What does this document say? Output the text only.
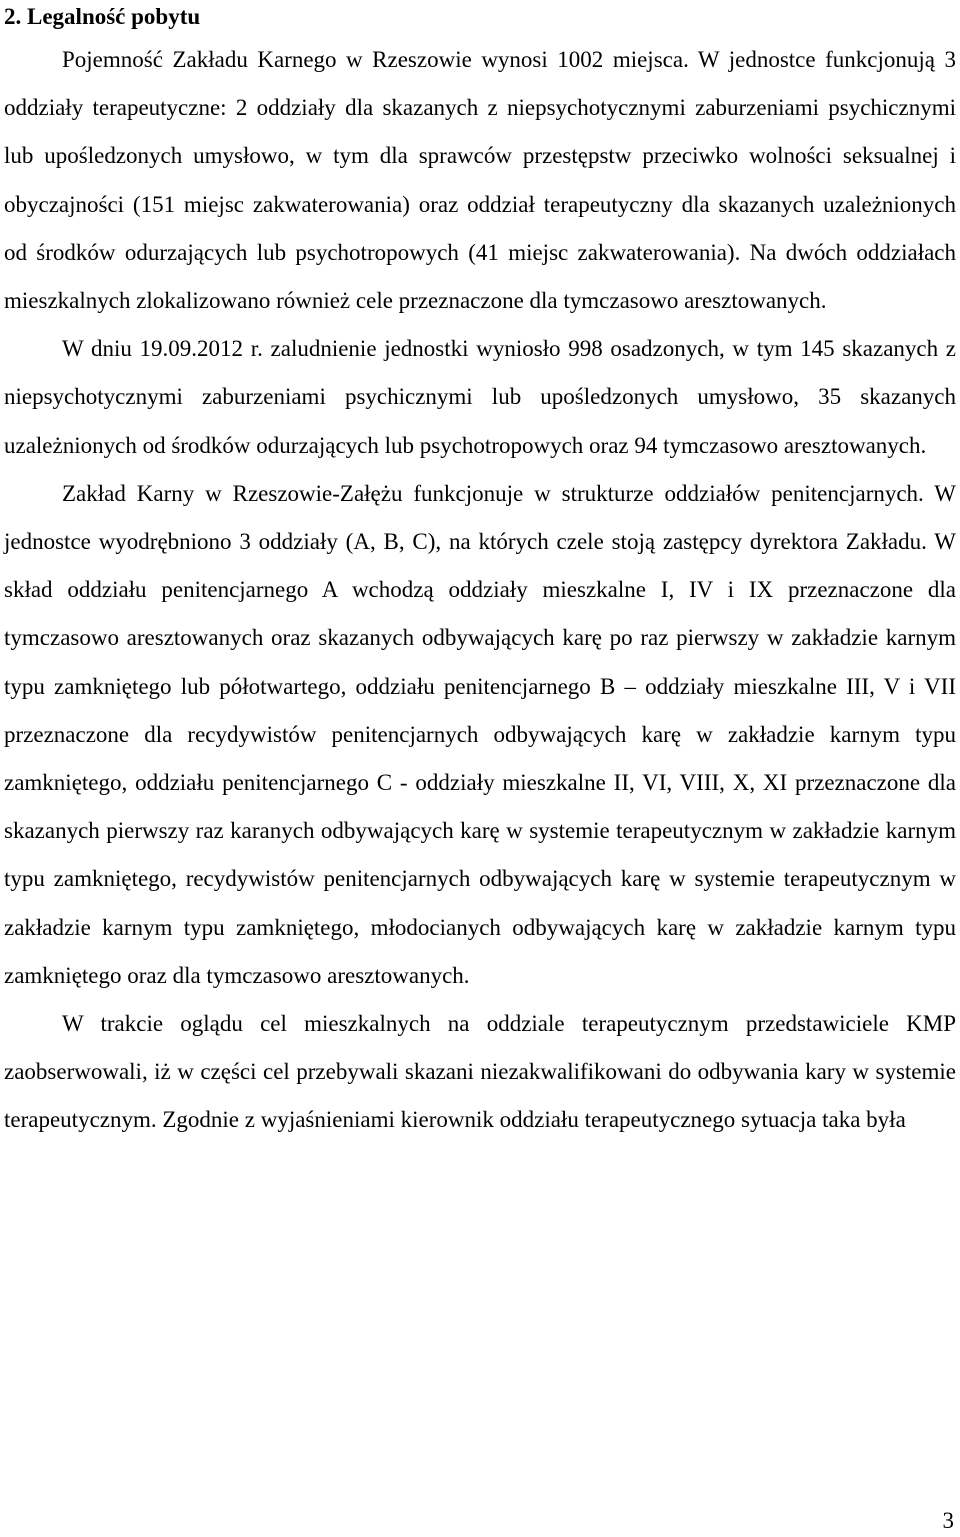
2. Legalność pobytu

Pojemność Zakładu Karnego w Rzeszowie wynosi 1002 miejsca. W jednostce funkcjonują 3 oddziały terapeutyczne: 2 oddziały dla skazanych z niepsychotycznymi zaburzeniami psychicznymi lub upośledzonych umysłowo, w tym dla sprawców przestępstw przeciwko wolności seksualnej i obyczajności (151 miejsc zakwaterowania) oraz oddział terapeutyczny dla skazanych uzależnionych od środków odurzających lub psychotropowych (41 miejsc zakwaterowania). Na dwóch oddziałach mieszkalnych zlokalizowano również cele przeznaczone dla tymczasowo aresztowanych.

W dniu 19.09.2012 r. zaludnienie jednostki wyniosło 998 osadzonych, w tym 145 skazanych z niepsychotycznymi zaburzeniami psychicznymi lub upośledzonych umysłowo, 35 skazanych uzależnionych od środków odurzających lub psychotropowych oraz 94 tymczasowo aresztowanych.

Zakład Karny w Rzeszowie-Załężu funkcjonuje w strukturze oddziałów penitencjarnych. W jednostce wyodrębniono 3 oddziały (A, B, C), na których czele stoją zastępcy dyrektora Zakładu. W skład oddziału penitencjarnego A wchodzą oddziały mieszkalne I, IV i IX przeznaczone dla tymczasowo aresztowanych oraz skazanych odbywających karę po raz pierwszy w zakładzie karnym typu zamkniętego lub półotwartego, oddziału penitencjarnego B – oddziały mieszkalne III, V i VII przeznaczone dla recydywistów penitencjarnych odbywających karę w zakładzie karnym typu zamkniętego, oddziału penitencjarnego C - oddziały mieszkalne II, VI, VIII, X, XI przeznaczone dla skazanych pierwszy raz karanych odbywających karę w systemie terapeutycznym w zakładzie karnym typu zamkniętego, recydywistów penitencjarnych odbywających karę w systemie terapeutycznym w zakładzie karnym typu zamkniętego, młodocianych odbywających karę w zakładzie karnym typu zamkniętego oraz dla tymczasowo aresztowanych.

W trakcie oglądu cel mieszkalnych na oddziale terapeutycznym przedstawiciele KMP zaobserwowali, iż w części cel przebywali skazani niezakwalifikowani do odbywania kary w systemie terapeutycznym. Zgodnie z wyjaśnieniami kierownik oddziału terapeutycznego sytuacja taka była

3
